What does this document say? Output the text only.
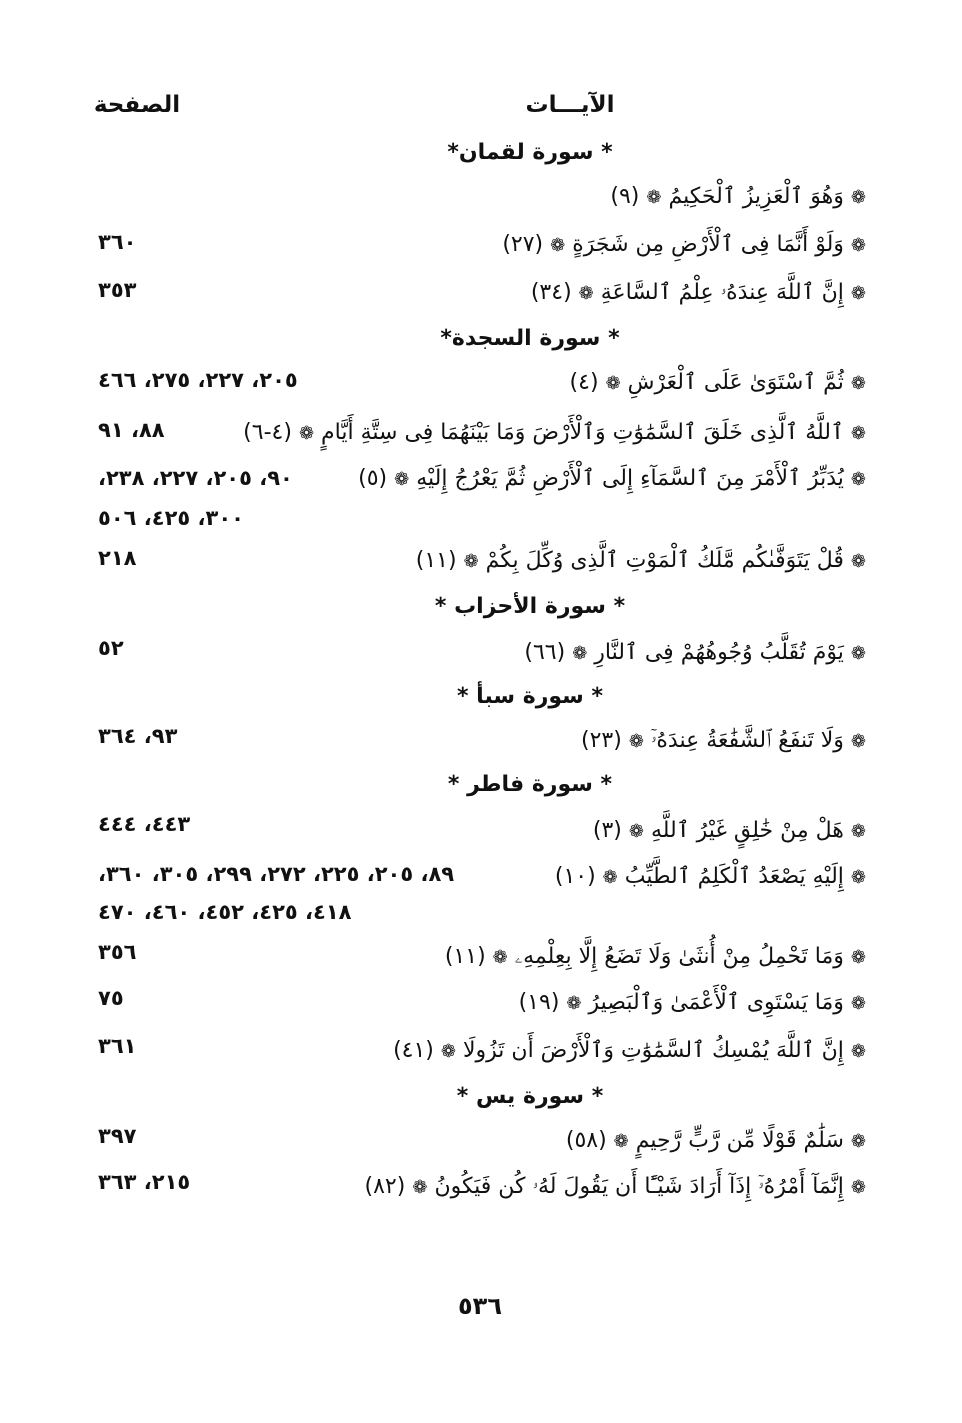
الآيـــات
الصفحة
* سورة لقمان*
❁ وَهُوَ ٱلْعَزِيزُ ٱلْحَكِيمُ ❁ (٩)
❁ وَلَوْ أَنَّمَا فِى ٱلْأَرْضِ مِن شَجَرَةٍ ❁ (٢٧)
٣٦٠
❁ إِنَّ ٱللَّهَ عِندَهُۥ عِلْمُ ٱلسَّاعَةِ ❁ (٣٤)
٣٥٣
* سورة السجدة*
❁ ثُمَّ ٱسْتَوَىٰ عَلَى ٱلْعَرْشِ ❁ (٤)
٢٠٥، ٢٢٧، ٢٧٥، ٤٦٦
❁ ٱللَّهُ ٱلَّذِى خَلَقَ ٱلسَّمَٰوَٰتِ وَٱلْأَرْضَ وَمَا بَيْنَهُمَا فِى سِتَّةِ أَيَّامٍ ❁ (٤-٦)
٨٨، ٩١
❁ يُدَبِّرُ ٱلْأَمْرَ مِنَ ٱلسَّمَآءِ إِلَى ٱلْأَرْضِ ثُمَّ يَعْرُجُ إِلَيْهِ ❁ (٥)
٩٠، ٢٠٥، ٢٢٧، ٢٣٨،
٣٠٠، ٤٢٥، ٥٠٦
❁ قُلْ يَتَوَفَّىٰكُم مَّلَكُ ٱلْمَوْتِ ٱلَّذِى وُكِّلَ بِكُمْ ❁ (١١)
٢١٨
* سورة الأحزاب *
❁ يَوْمَ تُقَلَّبُ وُجُوهُهُمْ فِى ٱلنَّارِ ❁ (٦٦)
٥٢
* سورة سبأ *
❁ وَلَا تَنفَعُ ٱلشَّفَٰعَةُ عِندَهُۥٓ ❁ (٢٣)
٩٣، ٣٦٤
* سورة فاطر *
❁ هَلْ مِنْ خَٰلِقٍ غَيْرُ ٱللَّهِ ❁ (٣)
٤٤٣، ٤٤٤
❁ إِلَيْهِ يَصْعَدُ ٱلْكَلِمُ ٱلطَّيِّبُ ❁ (١٠)
٨٩، ٢٠٥، ٢٢٥، ٢٧٢، ٢٩٩، ٣٠٥، ٣٦٠،
٤١٨، ٤٢٥، ٤٥٢، ٤٦٠، ٤٧٠
❁ وَمَا تَحْمِلُ مِنْ أُنثَىٰ وَلَا تَضَعُ إِلَّا بِعِلْمِهِۦ ❁ (١١)
٣٥٦
❁ وَمَا يَسْتَوِى ٱلْأَعْمَىٰ وَٱلْبَصِيرُ ❁ (١٩)
٧٥
❁ إِنَّ ٱللَّهَ يُمْسِكُ ٱلسَّمَٰوَٰتِ وَٱلْأَرْضَ أَن تَزُولَا ❁ (٤١)
٣٦١
* سورة يس *
❁ سَلَٰمٌ قَوْلًا مِّن رَّبٍّ رَّحِيمٍ ❁ (٥٨)
٣٩٧
❁ إِنَّمَآ أَمْرُهُۥٓ إِذَآ أَرَادَ شَيْـًٔا أَن يَقُولَ لَهُۥ كُن فَيَكُونُ ❁ (٨٢)
٢١٥، ٣٦٣
٥٣٦
